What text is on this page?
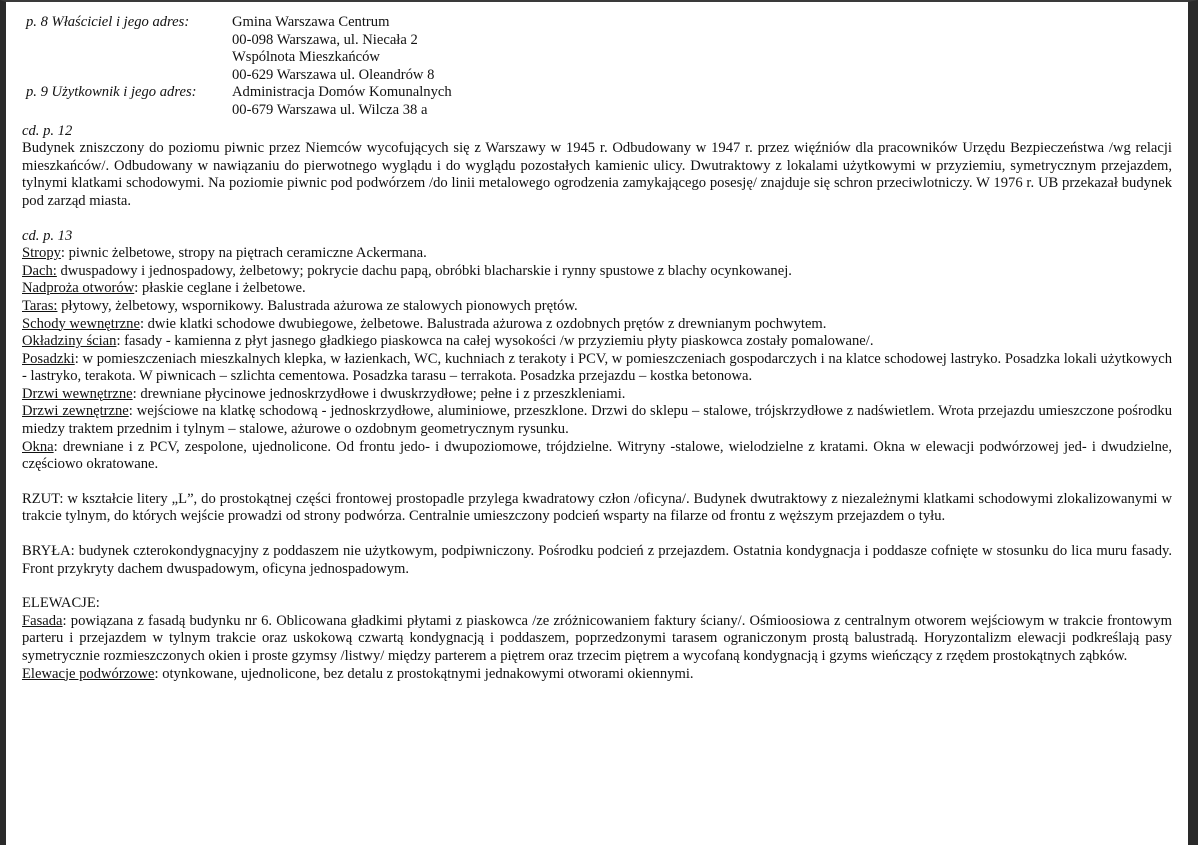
p. 8 Właściciel i jego adres:	Gmina Warszawa Centrum
00-098 Warszawa, ul. Niecała 2
Wspólnota Mieszkańców
00-629 Warszawa ul. Oleandrów 8
p. 9 Użytkownik i jego adres:	Administracja Domów Komunalnych
00-679 Warszawa ul. Wilcza 38 a
cd. p. 12

Budynek zniszczony do poziomu piwnic przez Niemców wycofujących się z Warszawy w 1945 r. Odbudowany w 1947 r. przez więźniów dla pracowników Urzędu Bezpieczeństwa /wg relacji mieszkańców/. Odbudowany w nawiązaniu do pierwotnego wyglądu i do wyglądu pozostałych kamienic ulicy. Dwutraktowy z lokalami użytkowymi w przyziemiu, symetrycznym przejazdem, tylnymi klatkami schodowymi. Na poziomie piwnic pod podwórzem /do linii metalowego ogrodzenia zamykającego posesję/ znajduje się schron przeciwlotniczy. W 1976 r. UB przekazał budynek pod zarząd miasta.

cd. p. 13

Stropy: piwnic żelbetowe, stropy na piętrach ceramiczne Ackermana.

Dach: dwuspadowy i jednospadowy, żelbetowy; pokrycie dachu papą, obróbki blacharskie i rynny spustowe z blachy ocynkowanej.

Nadproża otworów: płaskie ceglane i żelbetowe.

Taras: płytowy, żelbetowy, wspornikowy. Balustrada ażurowa ze stalowych pionowych prętów.

Schody wewnętrzne: dwie klatki schodowe dwubiegowe, żelbetowe. Balustrada ażurowa z ozdobnych prętów z drewnianym pochwytem.

Okładziny ścian: fasady - kamienna z płyt jasnego gładkiego piaskowca na całej wysokości /w przyziemiu płyty piaskowca zostały pomalowane/.

Posadzki: w pomieszczeniach mieszkalnych klepka, w łazienkach, WC, kuchniach z terakoty i PCV, w pomieszczeniach gospodarczych i na klatce schodowej lastryko. Posadzka lokali użytkowych - lastryko, terakota. W piwnicach – szlichta cementowa. Posadzka tarasu – terrakota. Posadzka przejazdu – kostka betonowa.

Drzwi wewnętrzne: drewniane płycinowe jednoskrzydłowe i dwuskrzydłowe; pełne i z przeszkleniami.

Drzwi zewnętrzne: wejściowe na klatkę schodową - jednoskrzydłowe, aluminiowe, przeszklone. Drzwi do sklepu – stalowe, trójskrzydłowe z nadświetlem. Wrota przejazdu umieszczone pośrodku miedzy traktem przednim i tylnym – stalowe, ażurowe o ozdobnym geometrycznym rysunku.

Okna: drewniane i z PCV, zespolone, ujednolicone. Od frontu jedo- i dwupoziomowe, trójdzielne. Witryny -stalowe, wielodzielne z kratami. Okna w elewacji podwórzowej jed- i dwudzielne, częściowo okratowane.

RZUT: w kształcie litery „L”, do prostokątnej części frontowej prostopadle przylega kwadratowy człon /oficyna/. Budynek dwutraktowy z niezależnymi klatkami schodowymi zlokalizowanymi w trakcie tylnym, do których wejście prowadzi od strony podwórza. Centralnie umieszczony podcień wsparty na filarze od frontu z węższym przejazdem o tyłu.

BRYŁA: budynek czterokondygnacyjny z poddaszem nie użytkowym, podpiwniczony. Pośrodku podcień z przejazdem. Ostatnia kondygnacja i poddasze cofnięte w stosunku do lica muru fasady. Front przykryty dachem dwuspadowym, oficyna jednospadowym.

ELEWACJE:

Fasada: powiązana z fasadą budynku nr 6. Oblicowana gładkimi płytami z piaskowca /ze zróżnicowaniem faktury ściany/. Ośmioosiowa z centralnym otworem wejściowym w trakcie frontowym parteru i przejazdem w tylnym trakcie oraz uskokową czwartą kondygnacją i poddaszem, poprzedzonymi tarasem ograniczonym prostą balustradą. Horyzontalizm elewacji podkreślają pasy symetrycznie rozmieszczonych okien i proste gzymsy /listwy/ między parterem a piętrem oraz trzecim piętrem a wycofaną kondygnacją i gzyms wieńczący z rzędem prostokątnych ząbków.

Elewacje podwórzowe: otynkowane, ujednolicone, bez detalu z prostokątnymi jednakowymi otworami okiennymi.
